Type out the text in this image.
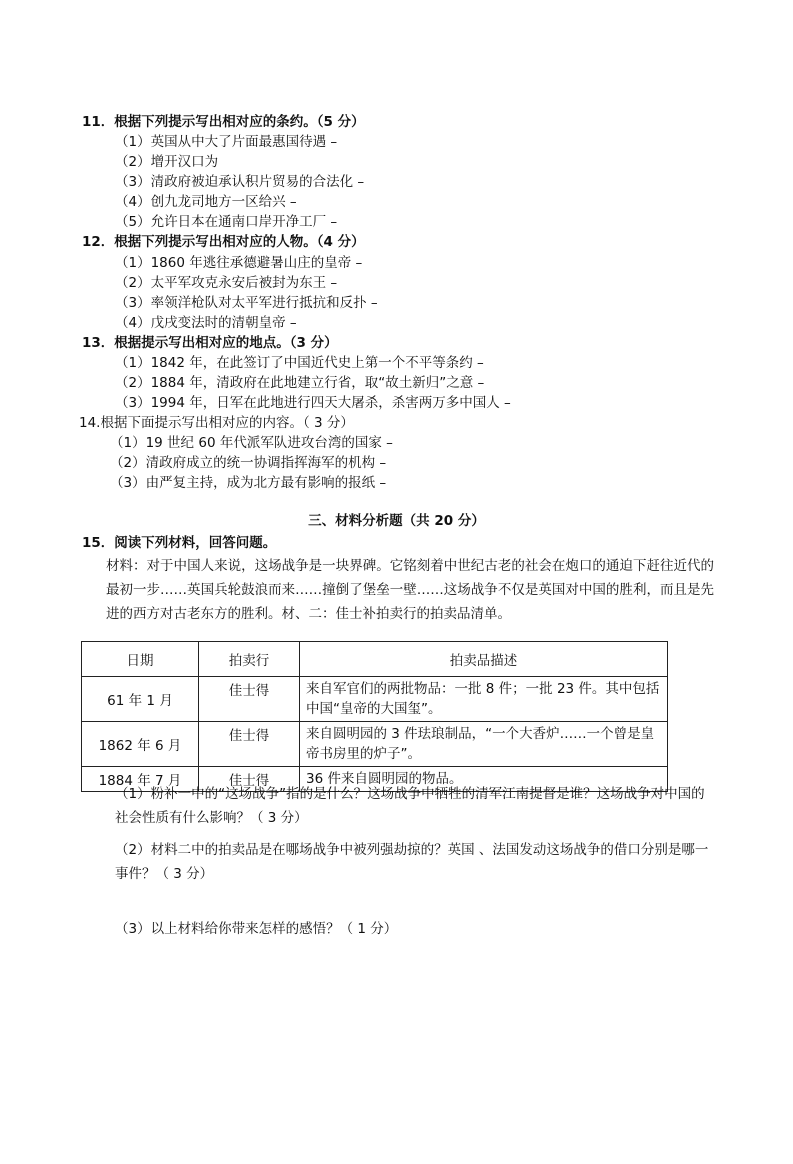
11．根据下列提示写出相对应的条约。（5 分）
（1）英国从中大了片面最惠国待遇 –
（2）增开汉口为
（3）清政府被迫承认积片贸易的合法化 –
（4）创九龙司地方一区给兴 –
（5）允许日本在通南口岸开净工厂 –
12．根据下列提示写出相对应的人物。（4 分）
（1）1860 年逃往承德避暑山庄的皇帝 –
（2）太平军攻克永安后被封为东王 –
（3）率领洋枪队对太平军进行抵抗和反扑 –
（4）戊戌变法时的清朝皇帝 –
13．根据提示写出相对应的地点。（3 分）
（1）1842 年，在此签订了中国近代史上第一个不平等条约 –
（2）1884 年，清政府在此地建立行省，取“故土新归”之意 –
（3）1994 年，日军在此地进行四天大屠杀，杀害两万多中国人 –
14.根据下面提示写出相对应的内容。（ 3 分）
（1）19 世纪 60 年代派军队进攻台湾的国家 –
（2）清政府成立的统一协调指挥海军的机构 –
（3）由严复主持，成为北方最有影响的报纸 –
三、材料分析题（共 20 分）
15．阅读下列材料，回答问题。
材料：对于中国人来说，这场战争是一块界碑。它铭刻着中世纪古老的社会在炮口的通迫下赶往近代的最初一步……英国兵轮鼓浪而来……撞倒了堡垒一壁……这场战争不仅是英国对中国的胜利，而且是先进的西方对古老东方的胜利。材、二：佳士补拍卖行的拍卖品清单。
日期	拍卖行	拍卖品描述
61 年 1 月	佳士得	来自军官们的两批物品：一批 8 件；一批 23 件。其中包括中国“皇帝的大国玺”。
1862 年 6 月	佳士得	来自圆明园的 3 件珐琅制品，“一个大香炉……一个曾是皇帝书房里的炉子”。
1884 年 7 月	佳士得	36 件来自圆明园的物品。
（1）粉补一中的“这场战争”指的是什么？这场战争中牺牲的清军江南提督是谁？这场战争对中国的社会性质有什么影响？（ 3 分）
（2）材料二中的拍卖品是在哪场战争中被列强劫掠的？英国 、法国发动这场战争的借口分别是哪一事件？（ 3 分）
（3）以上材料给你带来怎样的感悟？（ 1 分）
